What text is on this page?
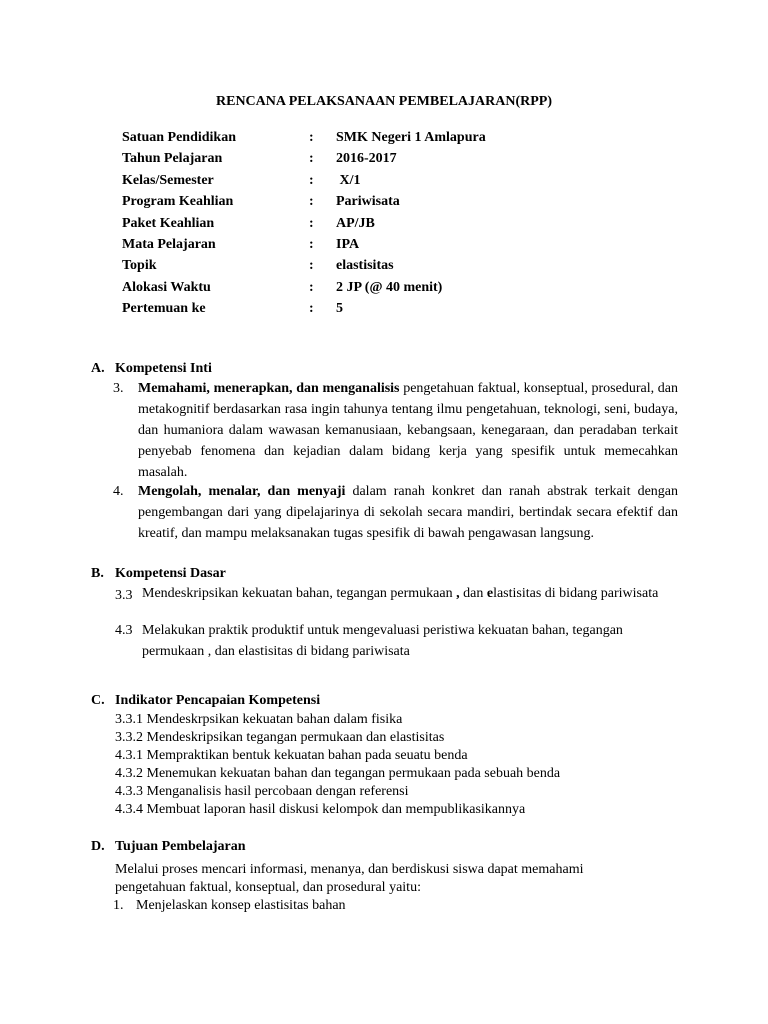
RENCANA PELAKSANAAN PEMBELAJARAN(RPP)
Satuan Pendidikan	: SMK Negeri 1 Amlapura
Tahun Pelajaran	: 2016-2017
Kelas/Semester	: X/1
Program Keahlian	: Pariwisata
Paket Keahlian	: AP/JB
Mata Pelajaran	: IPA
Topik	: elastisitas
Alokasi Waktu	: 2 JP (@ 40 menit)
Pertemuan ke	: 5
A. Kompetensi Inti
3. Memahami, menerapkan, dan menganalisis pengetahuan faktual, konseptual, prosedural, dan metakognitif berdasarkan rasa ingin tahunya tentang ilmu pengetahuan, teknologi, seni, budaya, dan humaniora dalam wawasan kemanusiaan, kebangsaan, kenegaraan, dan peradaban terkait penyebab fenomena dan kejadian dalam bidang kerja yang spesifik untuk memecahkan masalah.
4. Mengolah, menalar, dan menyaji dalam ranah konkret dan ranah abstrak terkait dengan pengembangan dari yang dipelajarinya di sekolah secara mandiri, bertindak secara efektif dan kreatif, dan mampu melaksanakan tugas spesifik di bawah pengawasan langsung.
B. Kompetensi Dasar
3.3 Mendeskripsikan kekuatan bahan, tegangan permukaan , dan elastisitas di bidang pariwisata
4.3 Melakukan praktik produktif untuk mengevaluasi peristiwa kekuatan bahan, tegangan permukaan , dan elastisitas di bidang pariwisata
C. Indikator Pencapaian Kompetensi
3.3.1 Mendeskrpsikan kekuatan bahan dalam fisika
3.3.2 Mendeskripsikan tegangan permukaan dan elastisitas
4.3.1 Mempraktikan bentuk kekuatan bahan pada seuatu benda
4.3.2 Menemukan kekuatan bahan dan tegangan permukaan pada sebuah benda
4.3.3 Menganalisis hasil percobaan dengan referensi
4.3.4 Membuat laporan hasil diskusi kelompok dan mempublikasikannya
D. Tujuan Pembelajaran
Melalui proses mencari informasi, menanya, dan berdiskusi siswa dapat memahami pengetahuan faktual, konseptual, dan prosedural yaitu:
1. Menjelaskan konsep elastisitas bahan
